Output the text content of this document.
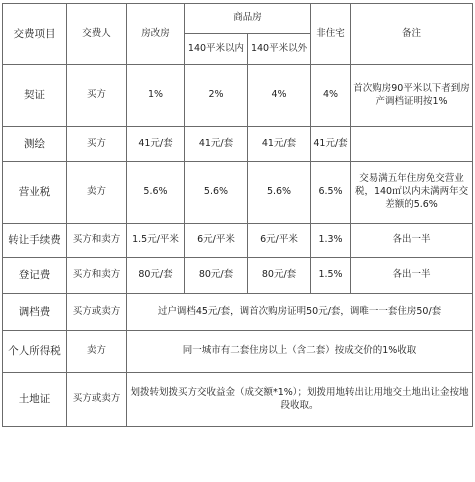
交费项目	交费人	房改房	商品房		非住宅	备注
			140平米以内	140平米以外		
契证	买方	1%	2%	4%	4%	首次购房90平米以下者到房产调档证明按1%
测绘	买方	41元/套	41元/套	41元/套	41元/套	
营业税	卖方	5.6%	5.6%	5.6%	6.5%	交易满五年住房免交营业税，140㎡以内未满两年交差额的5.6%
转让手续费	买方和卖方	1.5元/平米	6元/平米	6元/平米	1.3%	各出一半
登记费	买方和卖方	80元/套	80元/套	80元/套	1.5%	各出一半
调档费	买方或卖方	过户调档45元/套，调首次购房证明50元/套，调唯一一套住房50/套				
个人所得税	卖方	同一城市有二套住房以上（含二套）按成交价的1%收取				
土地证	买方或卖方	划拨转划拨买方交收益金（成交额*1%）；划拨用地转出让用地交土地出让金按地段收取。				
